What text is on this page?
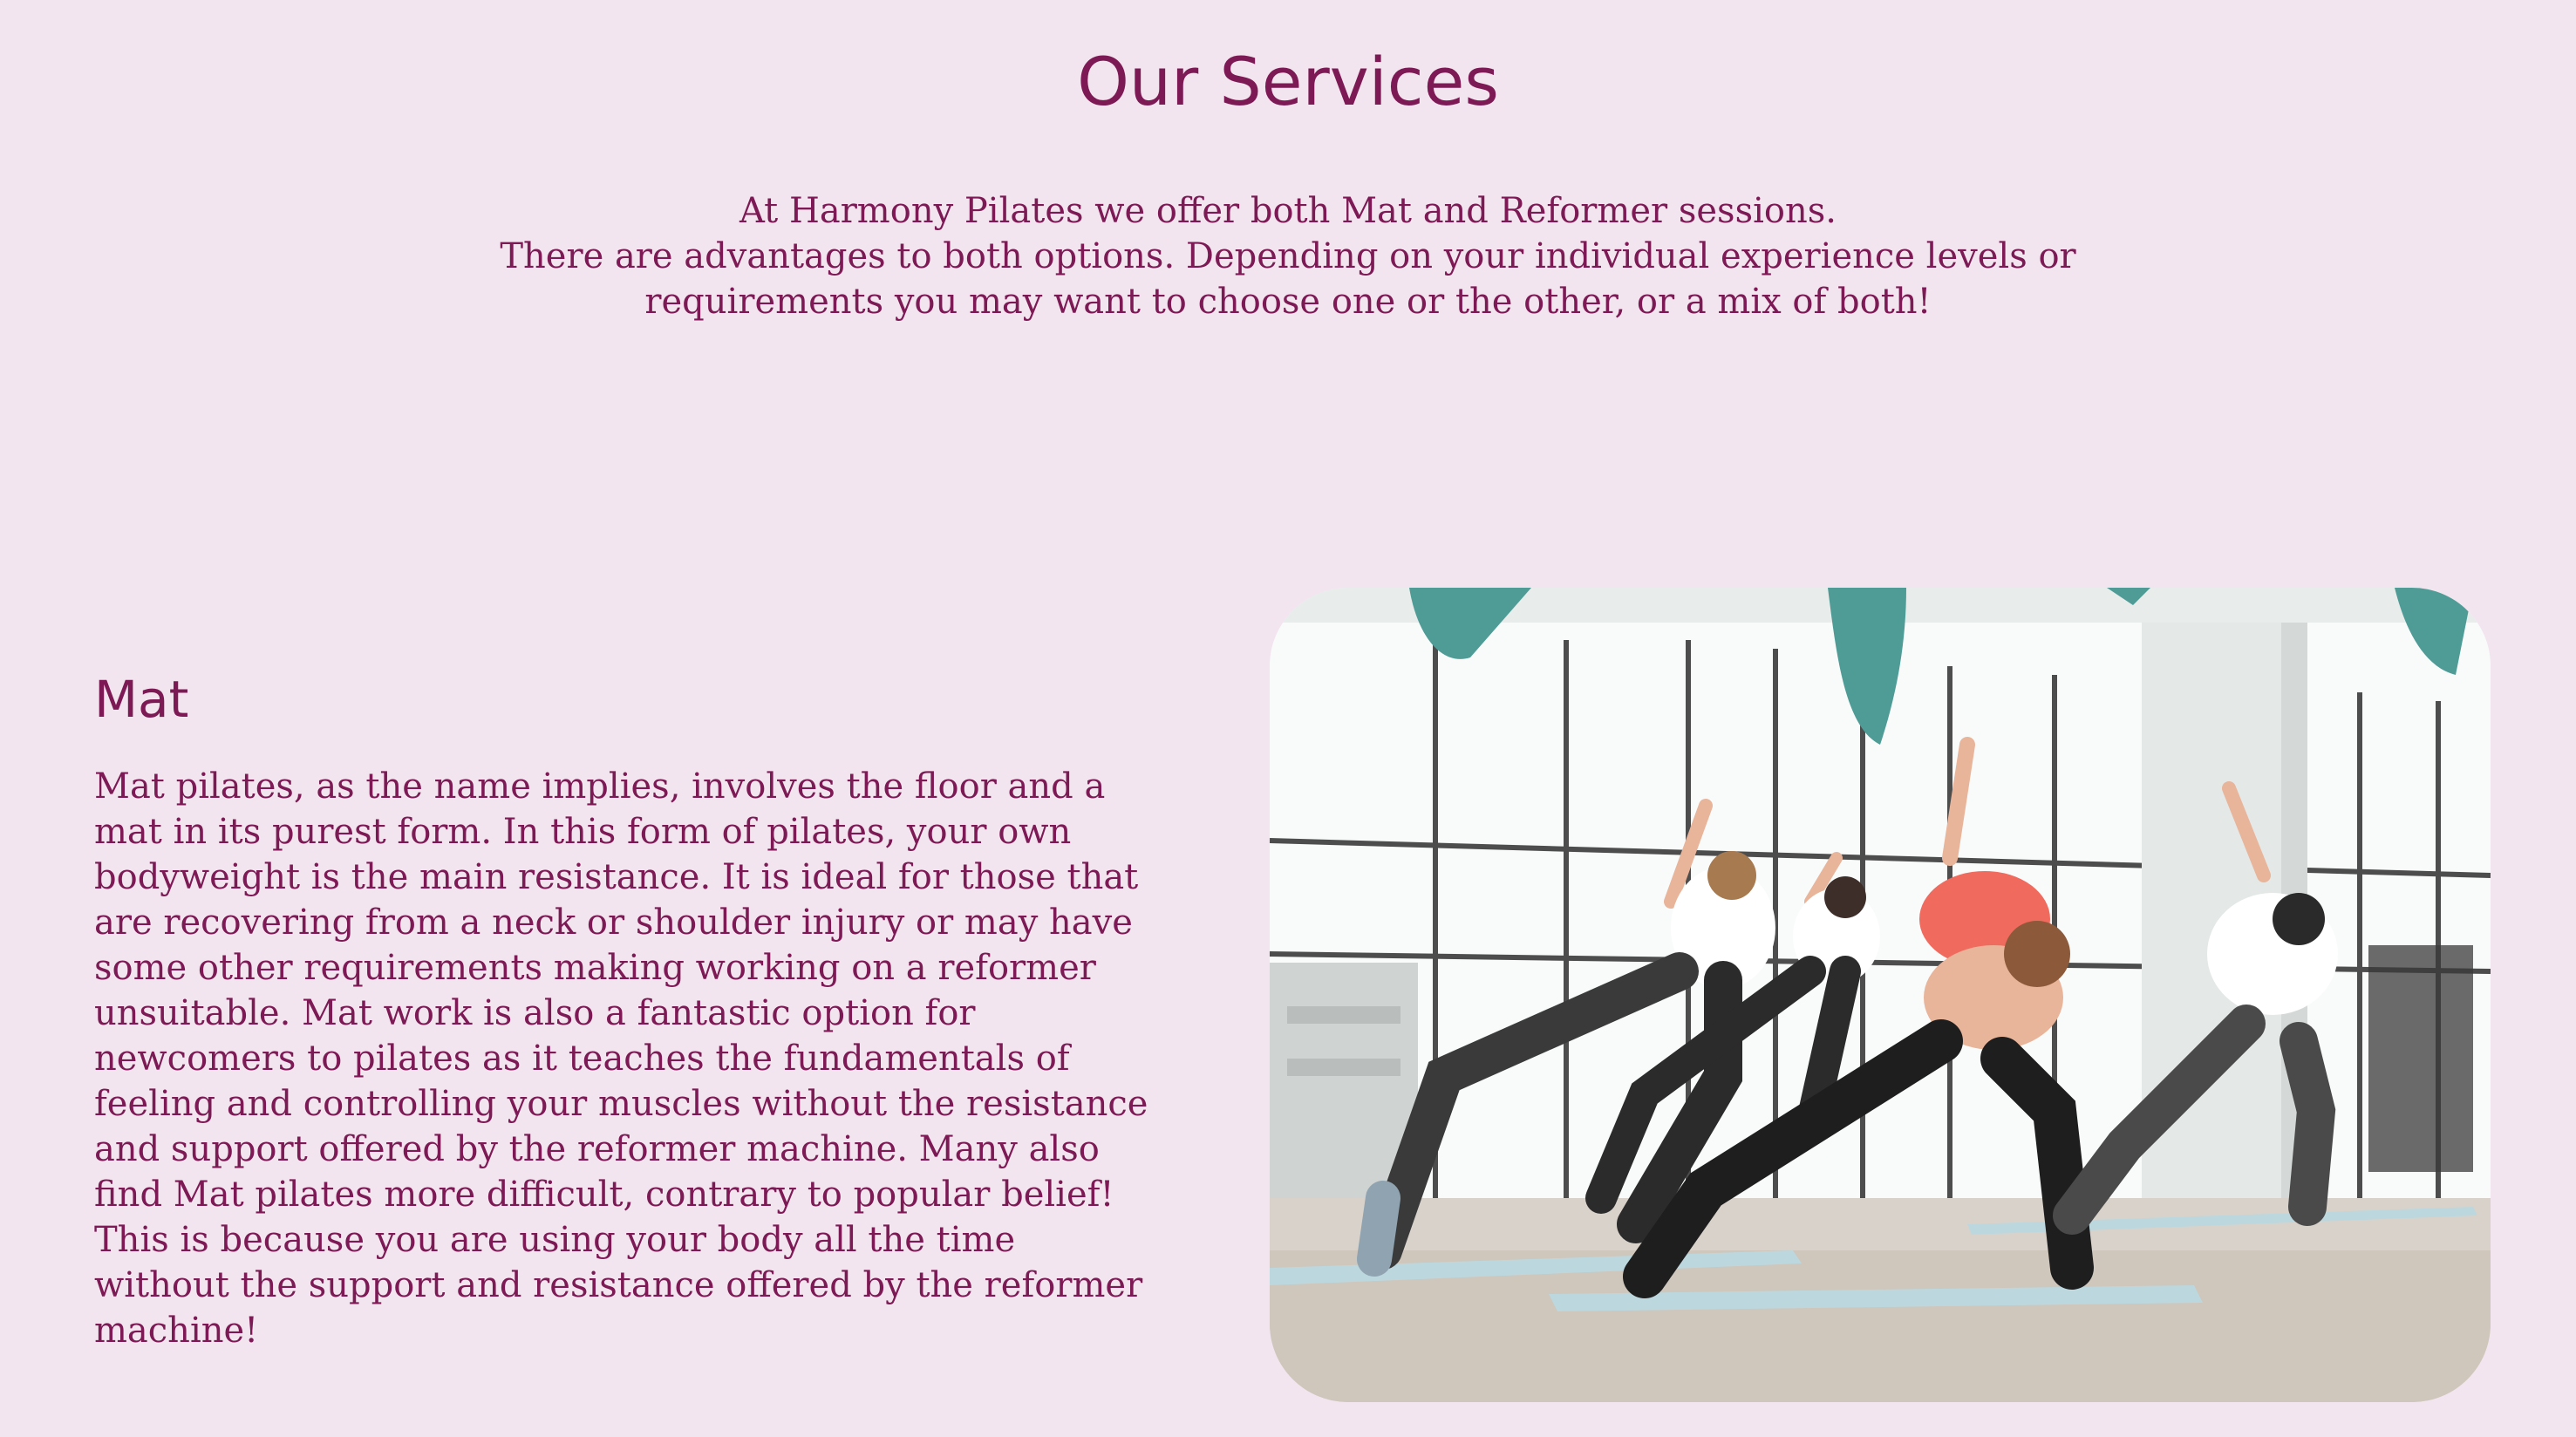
Our Services

At Harmony Pilates we offer both Mat and Reformer sessions.

There are advantages to both options. Depending on your individual experience levels or requirements you may want to choose one or the other, or a mix of both!

Mat

Mat pilates, as the name implies, involves the floor and a mat in its purest form. In this form of pilates, your own bodyweight is the main resistance. It is ideal for those that are recovering from a neck or shoulder injury or may have some other requirements making working on a reformer unsuitable. Mat work is also a fantastic option for newcomers to pilates as it teaches the fundamentals of feeling and controlling your muscles without the resistance and support offered by the reformer machine. Many also find Mat pilates more difficult, contrary to popular belief! This is because you are using your body all the time without the support and resistance offered by the reformer machine!
